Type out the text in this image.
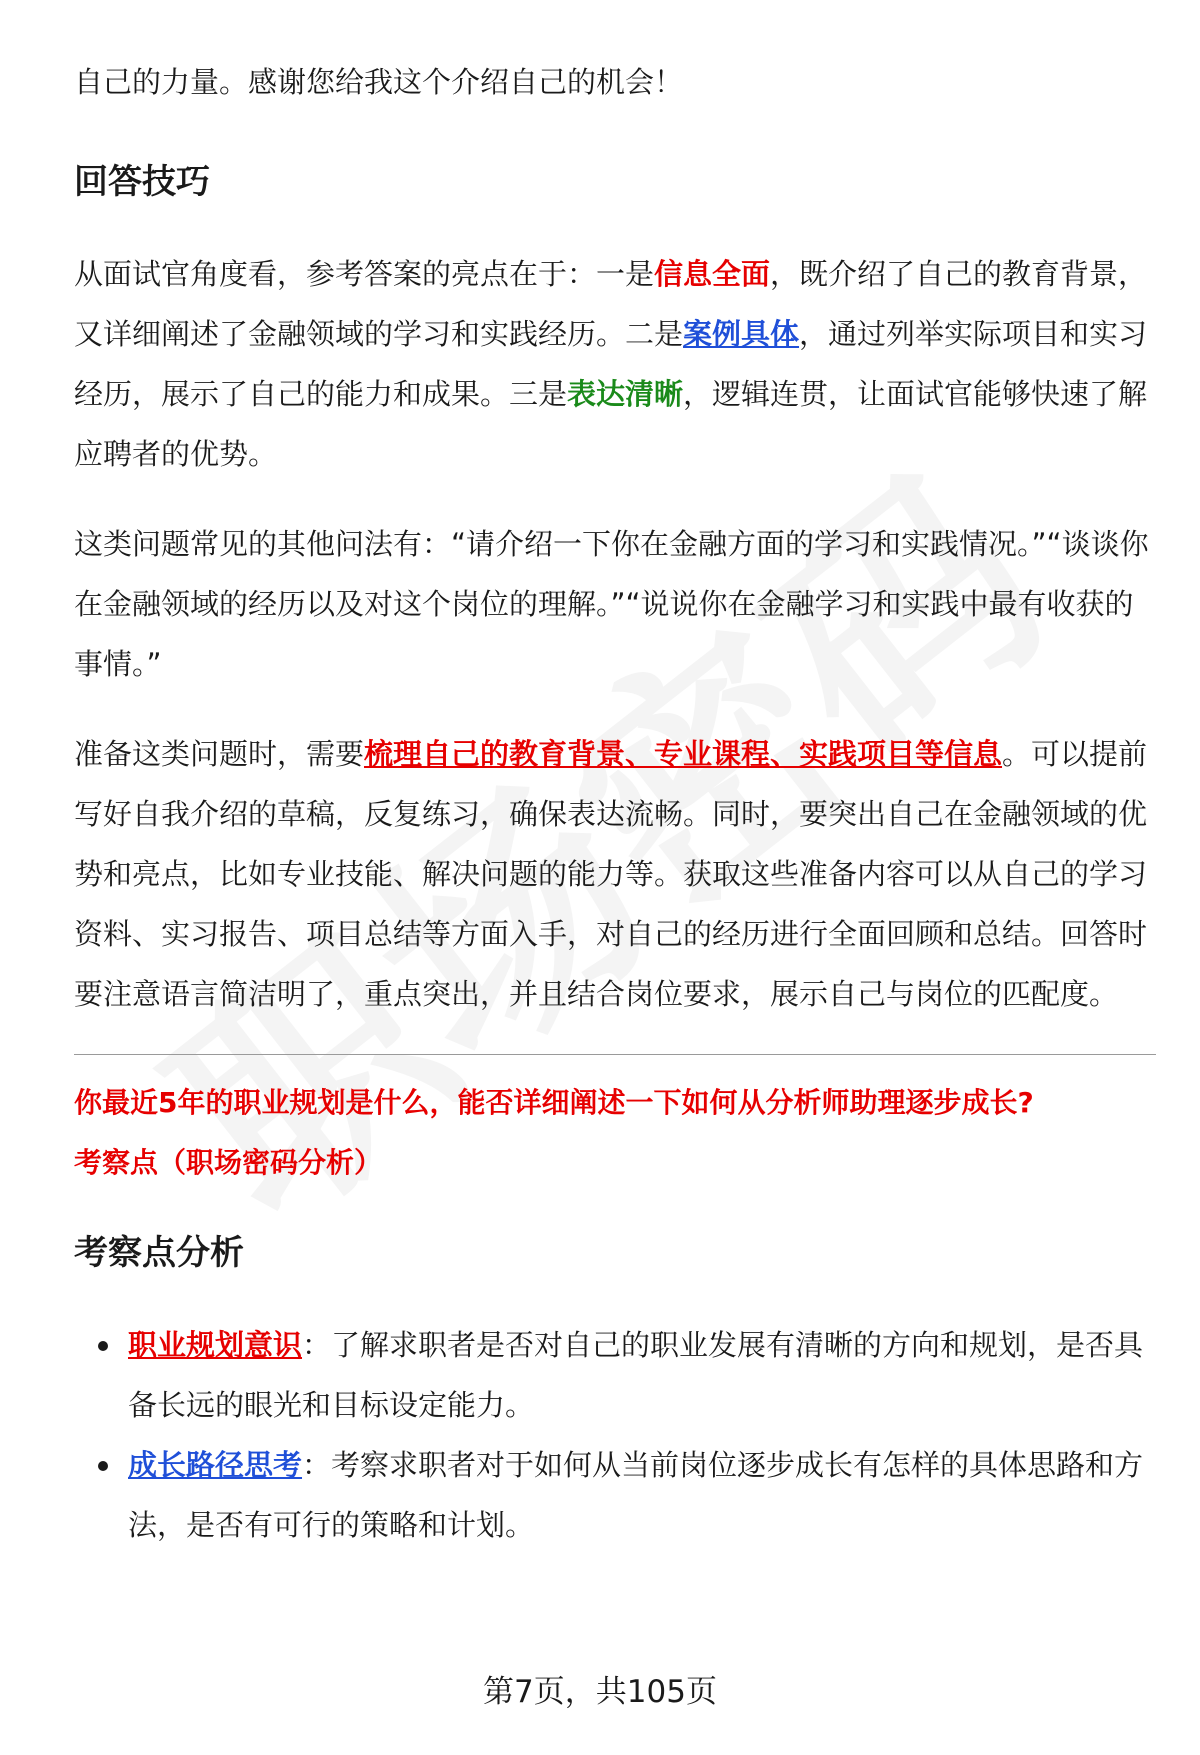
自己的力量。感谢您给我这个介绍自己的机会！

回答技巧

从面试官角度看，参考答案的亮点在于：一是信息全面，既介绍了自己的教育背景，又详细阐述了金融领域的学习和实践经历。二是案例具体，通过列举实际项目和实习经历，展示了自己的能力和成果。三是表达清晰，逻辑连贯，让面试官能够快速了解应聘者的优势。

这类问题常见的其他问法有：“请介绍一下你在金融方面的学习和实践情况。”“谈谈你在金融领域的经历以及对这个岗位的理解。”“说说你在金融学习和实践中最有收获的事情。”

准备这类问题时，需要梳理自己的教育背景、专业课程、实践项目等信息。可以提前写好自我介绍的草稿，反复练习，确保表达流畅。同时，要突出自己在金融领域的优势和亮点，比如专业技能、解决问题的能力等。获取这些准备内容可以从自己的学习资料、实习报告、项目总结等方面入手，对自己的经历进行全面回顾和总结。回答时要注意语言简洁明了，重点突出，并且结合岗位要求，展示自己与岗位的匹配度。

你最近5年的职业规划是什么，能否详细阐述一下如何从分析师助理逐步成长?

考察点（职场密码分析）

考察点分析
职业规划意识：了解求职者是否对自己的职业发展有清晰的方向和规划，是否具备长远的眼光和目标设定能力。
成长路径思考：考察求职者对于如何从当前岗位逐步成长有怎样的具体思路和方法，是否有可行的策略和计划。
第7页，共105页
